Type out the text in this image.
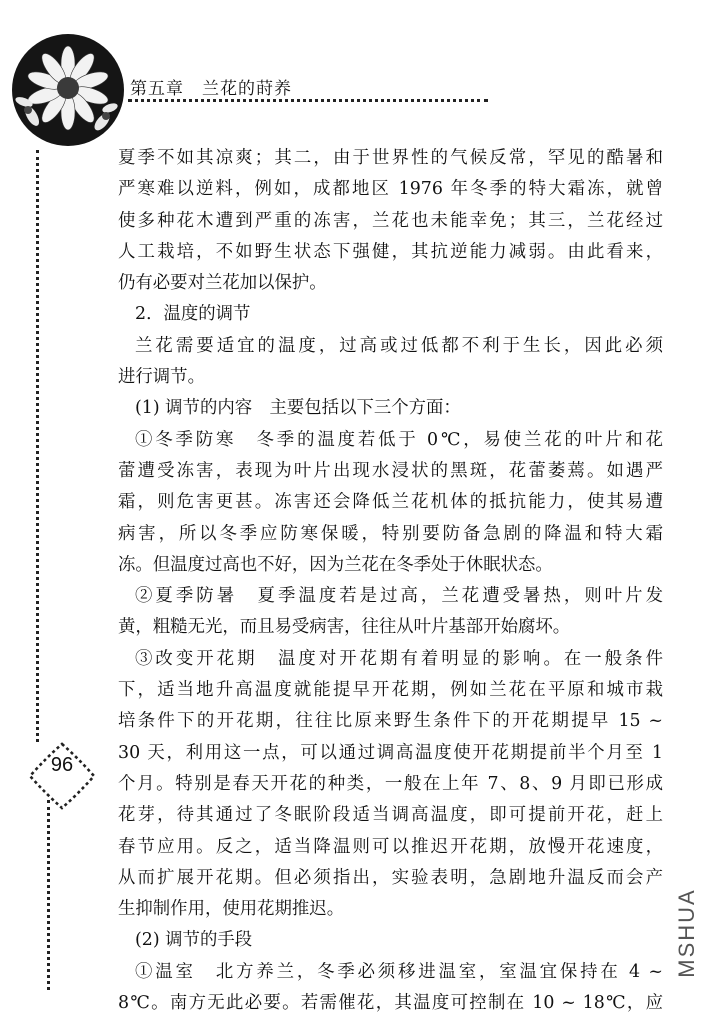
第五章　兰花的莳养
96
夏季不如其凉爽；其二，由于世界性的气候反常，罕见的酷暑和
严寒难以逆料，例如，成都地区 1976 年冬季的特大霜冻，就曾
使多种花木遭到严重的冻害，兰花也未能幸免；其三，兰花经过
人工栽培，不如野生状态下强健，其抗逆能力减弱。由此看来，
仍有必要对兰花加以保护。
2．温度的调节
兰花需要适宜的温度，过高或过低都不利于生长，因此必须
进行调节。
(1) 调节的内容　主要包括以下三个方面：
①冬季防寒　冬季的温度若低于 0℃，易使兰花的叶片和花
蕾遭受冻害，表现为叶片出现水浸状的黑斑，花蕾萎蔫。如遇严
霜，则危害更甚。冻害还会降低兰花机体的抵抗能力，使其易遭
病害，所以冬季应防寒保暖，特别要防备急剧的降温和特大霜
冻。但温度过高也不好，因为兰花在冬季处于休眠状态。
②夏季防暑　夏季温度若是过高，兰花遭受暑热，则叶片发
黄，粗糙无光，而且易受病害，往往从叶片基部开始腐坏。
③改变开花期　温度对开花期有着明显的影响。在一般条件
下，适当地升高温度就能提早开花期，例如兰花在平原和城市栽
培条件下的开花期，往往比原来野生条件下的开花期提早 15 ~
30 天，利用这一点，可以通过调高温度使开花期提前半个月至 1
个月。特别是春天开花的种类，一般在上年 7、8、9 月即已形成
花芽，待其通过了冬眠阶段适当调高温度，即可提前开花，赶上
春节应用。反之，适当降温则可以推迟开花期，放慢开花速度，
从而扩展开花期。但必须指出，实验表明，急剧地升温反而会产
生抑制作用，使用花期推迟。
(2) 调节的手段
①温室　北方养兰，冬季必须移进温室，室温宜保持在 4 ~
8℃。南方无此必要。若需催花，其温度可控制在 10 ~ 18℃，应
MSHUA
